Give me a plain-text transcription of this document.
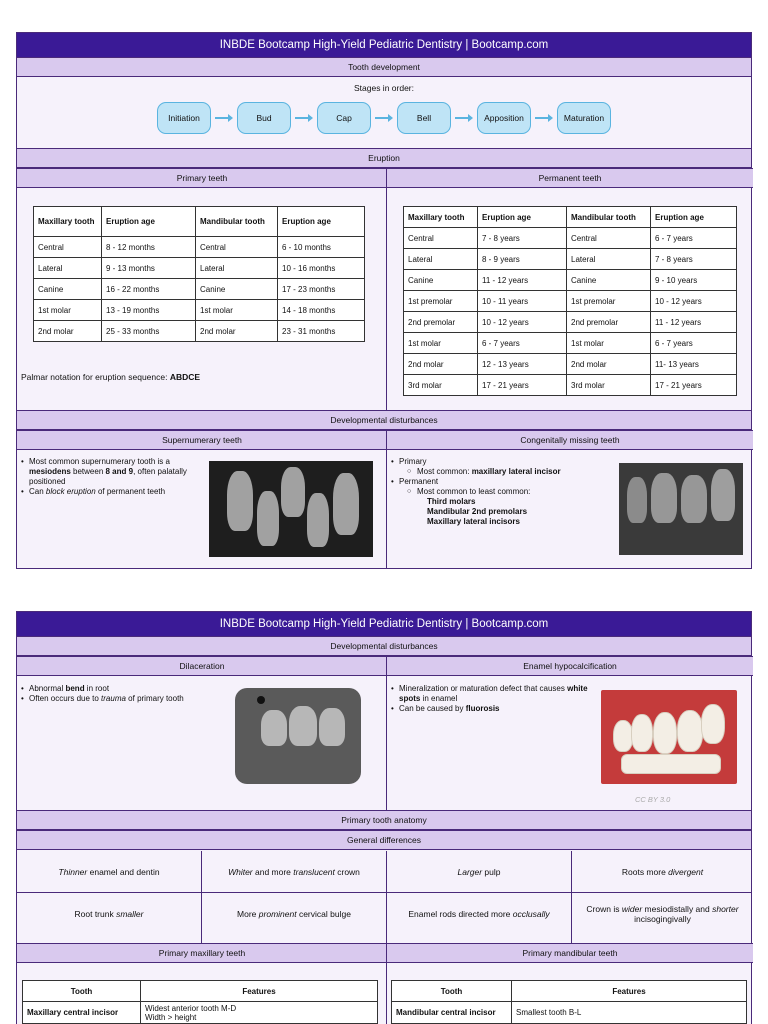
INBDE Bootcamp High-Yield Pediatric Dentistry | Bootcamp.com
Tooth development
Stages in order:
Initiation	Bud	Cap	Bell	Apposition	Maturation
Eruption
Primary teeth	Permanent teeth
Maxillary tooth	Eruption age	Mandibular tooth	Eruption age
Central	8 - 12 months	Central	6 - 10 months
Lateral	9 - 13 months	Lateral	10 - 16 months
Canine	16 - 22 months	Canine	17 - 23 months
1st molar	13 - 19 months	1st molar	14 - 18 months
2nd molar	25 - 33 months	2nd molar	23 - 31 months
Palmar notation for eruption sequence: ABDCE
Maxillary tooth	Eruption age	Mandibular tooth	Eruption age
Central	7 - 8 years	Central	6 - 7 years
Lateral	8 - 9 years	Lateral	7 - 8 years
Canine	11 - 12 years	Canine	9 - 10 years
1st premolar	10 - 11 years	1st premolar	10 - 12 years
2nd premolar	10 - 12 years	2nd premolar	11 - 12 years
1st molar	6 - 7 years	1st molar	6 - 7 years
2nd molar	12 - 13 years	2nd molar	11- 13 years
3rd molar	17 - 21 years	3rd molar	17 - 21 years
Developmental disturbances
Supernumerary teeth	Congenitally missing teeth
• Most common supernumerary tooth is a mesiodens between 8 and 9, often palatally positioned
• Can block eruption of permanent teeth
• Primary
○ Most common: maxillary lateral incisor
• Permanent
○ Most common to least common:
Third molars
Mandibular 2nd premolars
Maxillary lateral incisors
INBDE Bootcamp High-Yield Pediatric Dentistry | Bootcamp.com
Developmental disturbances
Dilaceration	Enamel hypocalcification
• Abnormal bend in root
• Often occurs due to trauma of primary tooth
• Mineralization or maturation defect that causes white spots in enamel
• Can be caused by fluorosis
CC BY 3.0
Primary tooth anatomy
General differences
Thinner enamel and dentin	Whiter and more translucent crown	Larger pulp	Roots more divergent
Root trunk smaller	More prominent cervical bulge	Enamel rods directed more occlusally	Crown is wider mesiodistally and shorter incisogingivally
Primary maxillary teeth	Primary mandibular teeth
Tooth	Features
Maxillary central incisor	Widest anterior tooth M-D
Width > height
Tooth	Features
Mandibular central incisor	Smallest tooth B-L
